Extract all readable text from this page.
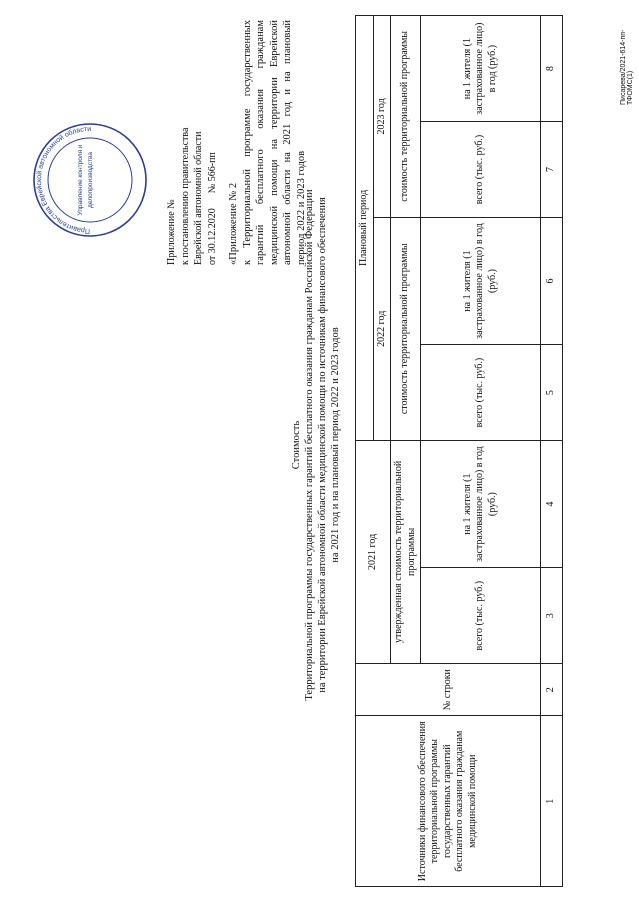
Правительства Еврейской автономной области
Управление контроля и делопроизводства
Приложение № к постановлению правительства Еврейской автономной области от 30.12.2020      № 566-пп
«Приложение № 2 к Территориальной программе государственных гарантий бесплатного оказания гражданам медицинской помощи на территории Еврейской автономной области на 2021 год и на плановый период 2022 и 2023 годов
Стоимость Территориальной программы государственных гарантий бесплатного оказания гражданам Российской Федерации на территории Еврейской автономной области медицинской помощи по источникам финансового обеспечения на 2021 год и на плановый период 2022 и 2023 годов
Источники финансового обеспечения территориальной программы государственных гарантий бесплатного оказания гражданам медицинской помощи	№ строки	2021 год		Плановый период			
				2022 год		2023 год	
		утвержденная стоимость территориальной программы		стоимость территориальной программы		стоимость территориальной программы	
		всего (тыс. руб.)	на 1 жителя (1 застрахованное лицо) в год (руб.)	всего (тыс. руб.)	на 1 жителя (1 застрахованное лицо) в год (руб.)	всего (тыс. руб.)	на 1 жителя (1 застрахованное лицо) в год (руб.)
1	2	3	4	5	6	7	8	Писарева/2021-614-пп-ТФОМС(1)
